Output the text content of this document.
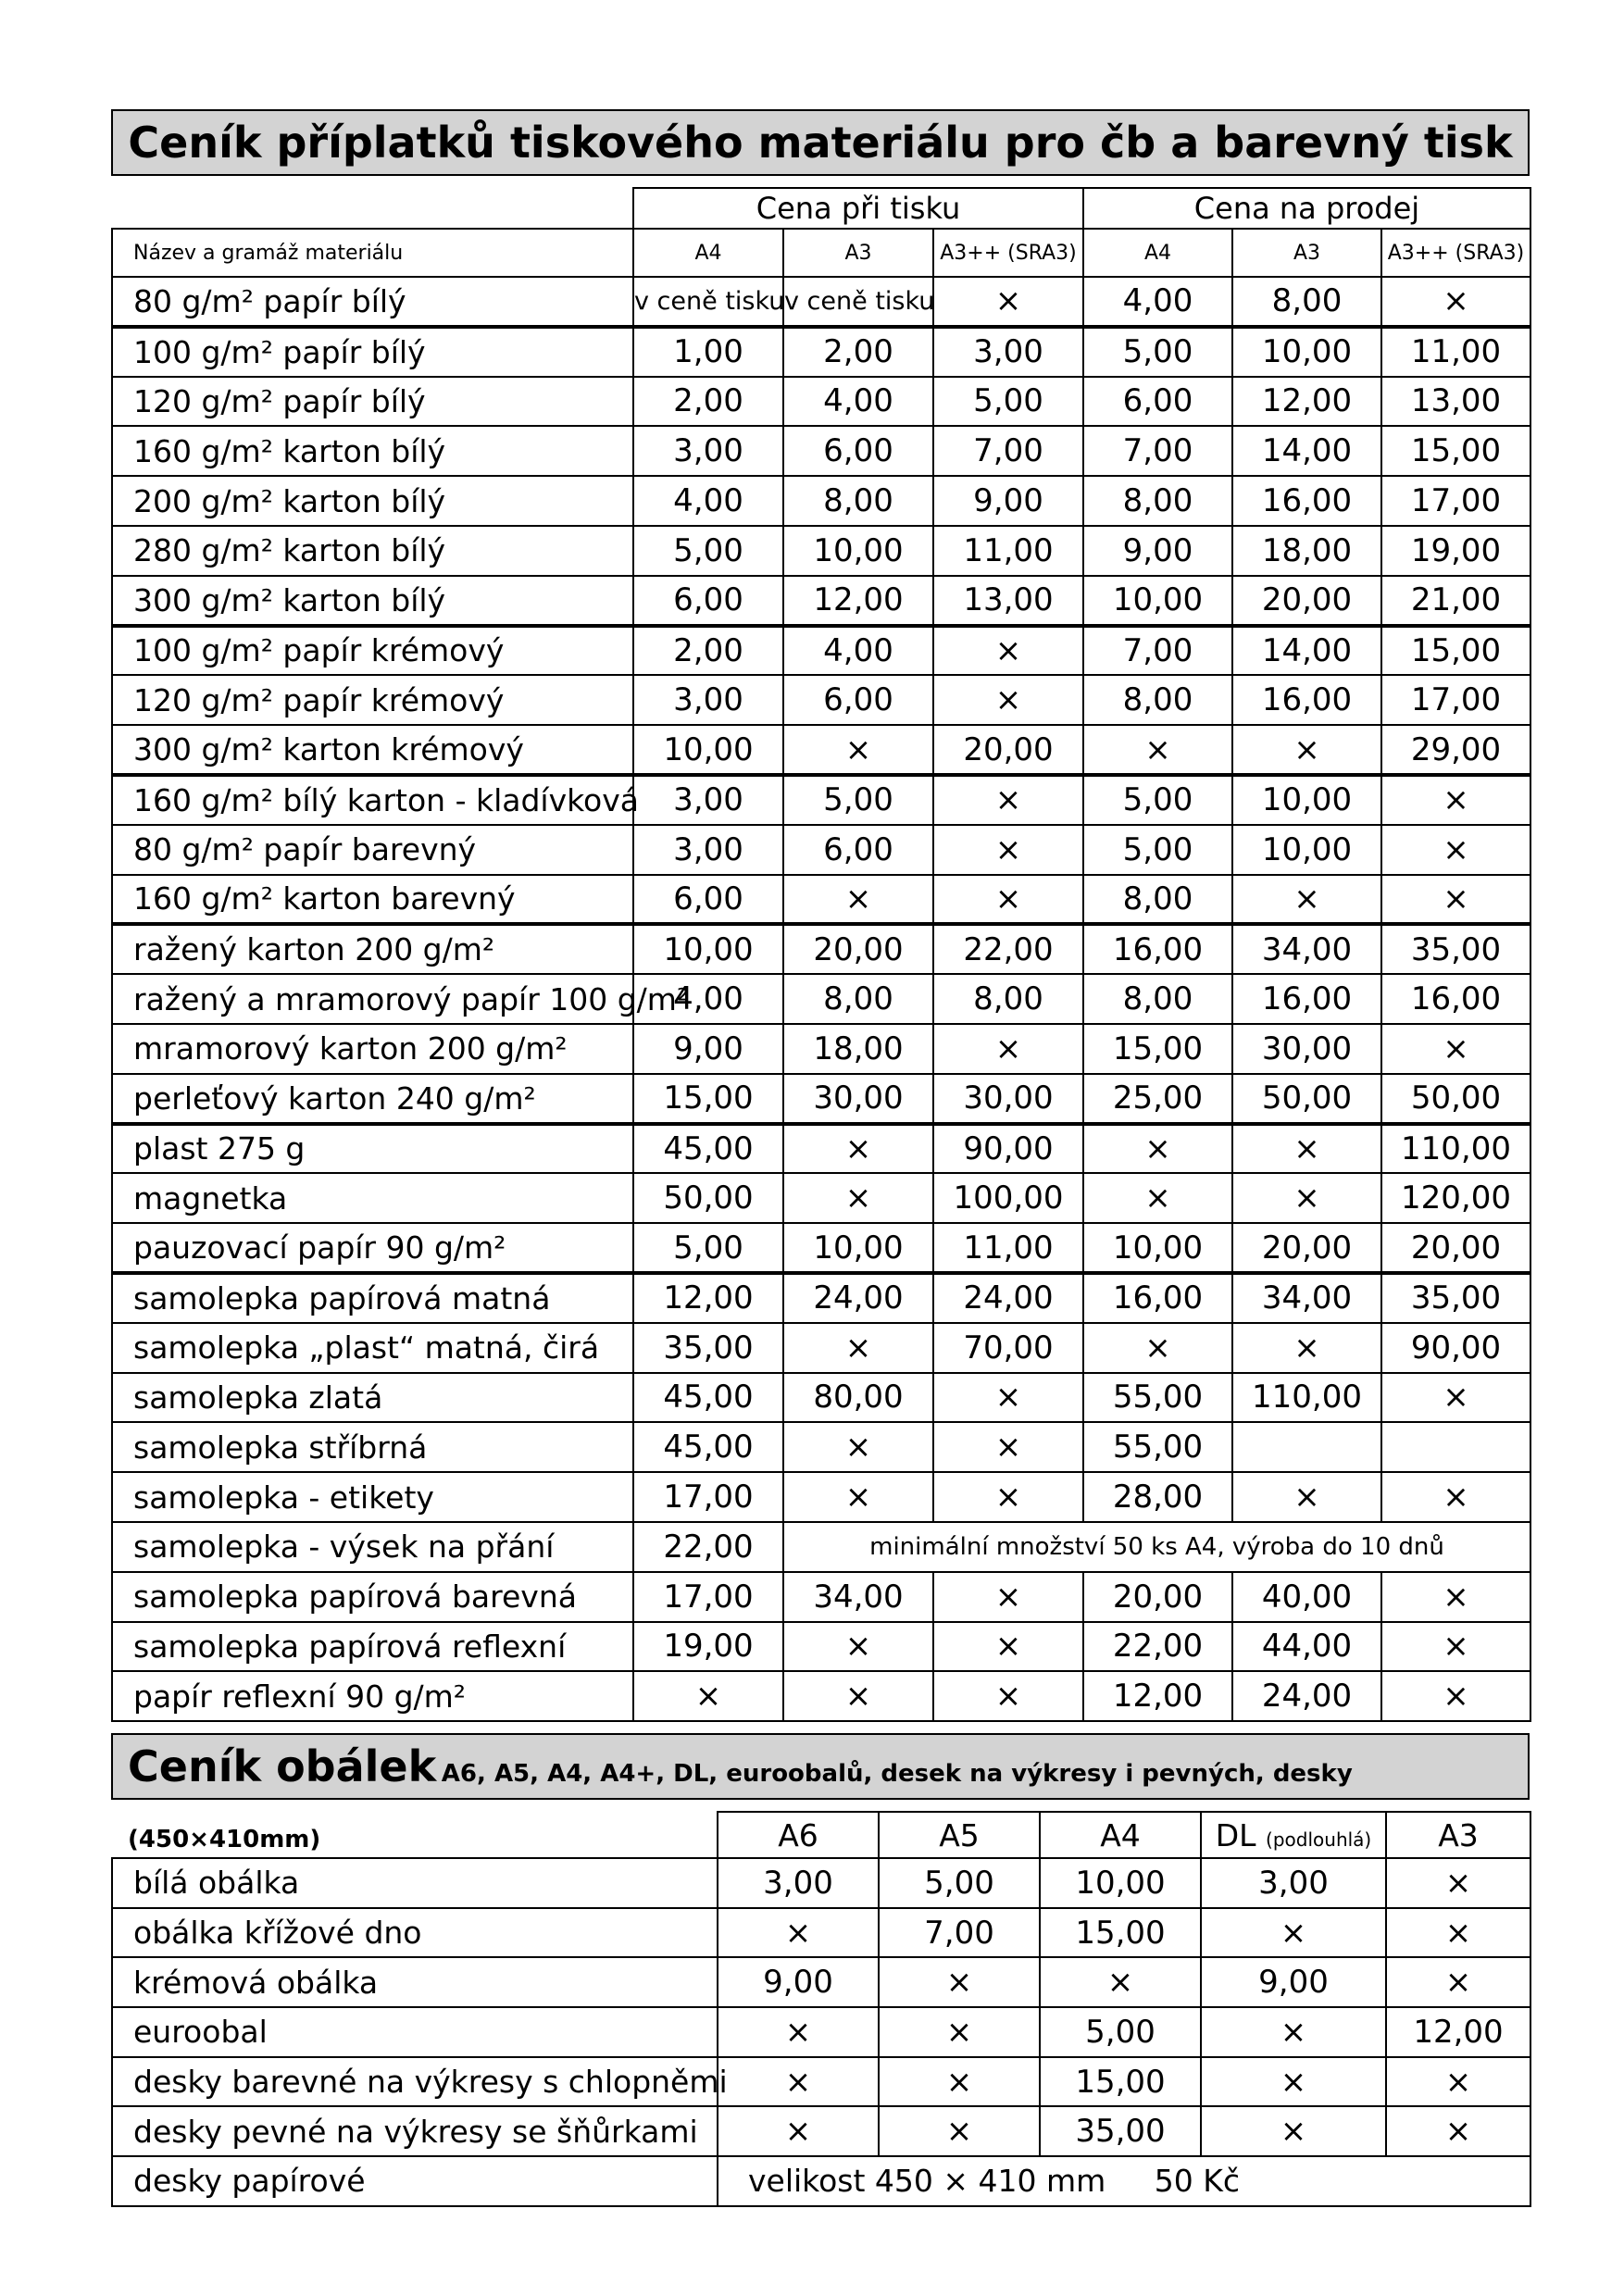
Ceník příplatků tiskového materiálu pro čb a barevný tisk
	Cena při tisku			Cena na prodej		
Název a gramáž materiálu	A4	A3	A3++ (SRA3)	A4	A3	A3++ (SRA3)
80 g/m² papír bílý	v ceně tisku	v ceně tisku	×	4,00	8,00	×
100 g/m² papír bílý	1,00	2,00	3,00	5,00	10,00	11,00
120 g/m² papír bílý	2,00	4,00	5,00	6,00	12,00	13,00
160 g/m² karton bílý	3,00	6,00	7,00	7,00	14,00	15,00
200 g/m² karton bílý	4,00	8,00	9,00	8,00	16,00	17,00
280 g/m² karton bílý	5,00	10,00	11,00	9,00	18,00	19,00
300 g/m² karton bílý	6,00	12,00	13,00	10,00	20,00	21,00
100 g/m² papír krémový	2,00	4,00	×	7,00	14,00	15,00
120 g/m² papír krémový	3,00	6,00	×	8,00	16,00	17,00
300 g/m² karton krémový	10,00	×	20,00	×	×	29,00
160 g/m² bílý karton - kladívková	3,00	5,00	×	5,00	10,00	×
80 g/m² papír barevný	3,00	6,00	×	5,00	10,00	×
160 g/m² karton barevný	6,00	×	×	8,00	×	×
ražený karton 200 g/m²	10,00	20,00	22,00	16,00	34,00	35,00
ražený a mramorový papír 100 g/m²	4,00	8,00	8,00	8,00	16,00	16,00
mramorový karton 200 g/m²	9,00	18,00	×	15,00	30,00	×
perleťový karton 240 g/m²	15,00	30,00	30,00	25,00	50,00	50,00
plast 275 g	45,00	×	90,00	×	×	110,00
magnetka	50,00	×	100,00	×	×	120,00
pauzovací papír 90 g/m²	5,00	10,00	11,00	10,00	20,00	20,00
samolepka papírová matná	12,00	24,00	24,00	16,00	34,00	35,00
samolepka „plast“ matná, čirá	35,00	×	70,00	×	×	90,00
samolepka zlatá	45,00	80,00	×	55,00	110,00	×
samolepka stříbrná	45,00	×	×	55,00		
samolepka - etikety	17,00	×	×	28,00	×	×
samolepka - výsek na přání	22,00	minimální množství 50 ks A4, výroba do 10 dnů				
samolepka papírová barevná	17,00	34,00	×	20,00	40,00	×
samolepka papírová reflexní	19,00	×	×	22,00	44,00	×
papír reflexní 90 g/m²	×	×	×	12,00	24,00	×
Ceník obálek A6, A5, A4, A4+, DL, euroobalů, desek na výkresy i pevných, desky (450×410mm)
		A6	A5	A4	DL (podlouhlá)	A3
bílá obálka	3,00	5,00	10,00	3,00	×
obálka křížové dno	×	7,00	15,00	×	×
krémová obálka	9,00	×	×	9,00	×
euroobal	×	×	5,00	×	12,00
desky barevné na výkresy s chlopněmi	×	×	15,00	×	×
desky pevné na výkresy se šňůrkami	×	×	35,00	×	×
desky papírové	velikost 450 × 410 mm     50 Kč				
